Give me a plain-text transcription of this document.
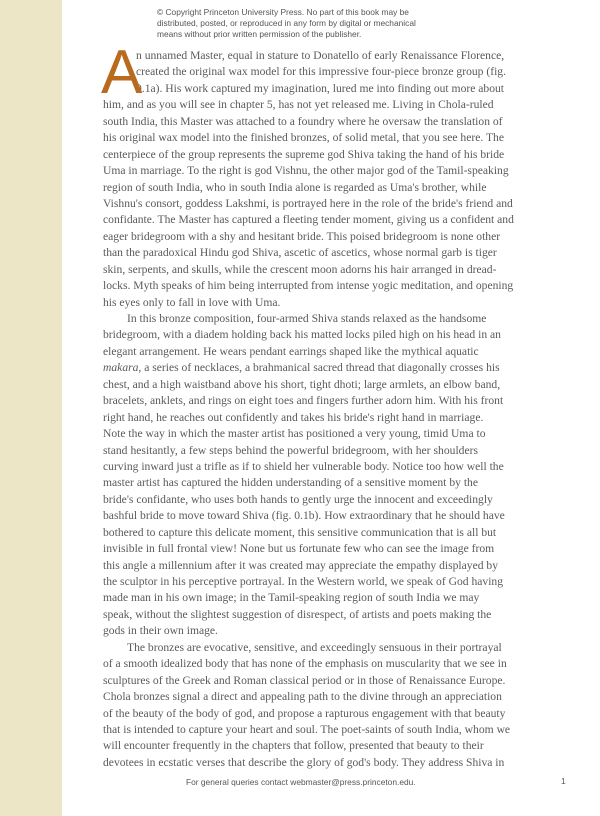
© Copyright Princeton University Press. No part of this book may be
distributed, posted, or reproduced in any form by digital or mechanical
means without prior written permission of the publisher.
A
n unnamed Master, equal in stature to Donatello of early Renaissance Florence,
created the original wax model for this impressive four-piece bronze group (fig.
0.1a). His work captured my imagination, lured me into finding out more about
him, and as you will see in chapter 5, has not yet released me. Living in Chola-ruled
south India, this Master was attached to a foundry where he oversaw the translation of
his original wax model into the finished bronzes, of solid metal, that you see here. The
centerpiece of the group represents the supreme god Shiva taking the hand of his bride
Uma in marriage. To the right is god Vishnu, the other major god of the Tamil-speaking
region of south India, who in south India alone is regarded as Uma's brother, while
Vishnu's consort, goddess Lakshmi, is portrayed here in the role of the bride's friend and
confidante. The Master has captured a fleeting tender moment, giving us a confident and
eager bridegroom with a shy and hesitant bride. This poised bridegroom is none other
than the paradoxical Hindu god Shiva, ascetic of ascetics, whose normal garb is tiger
skin, serpents, and skulls, while the crescent moon adorns his hair arranged in dread-
locks. Myth speaks of him being interrupted from intense yogic meditation, and opening
his eyes only to fall in love with Uma.
In this bronze composition, four-armed Shiva stands relaxed as the handsome
bridegroom, with a diadem holding back his matted locks piled high on his head in an
elegant arrangement. He wears pendant earrings shaped like the mythical aquatic
makara, a series of necklaces, a brahmanical sacred thread that diagonally crosses his
chest, and a high waistband above his short, tight dhoti; large armlets, an elbow band,
bracelets, anklets, and rings on eight toes and fingers further adorn him. With his front
right hand, he reaches out confidently and takes his bride's right hand in marriage.
Note the way in which the master artist has positioned a very young, timid Uma to
stand hesitantly, a few steps behind the powerful bridegroom, with her shoulders
curving inward just a trifle as if to shield her vulnerable body. Notice too how well the
master artist has captured the hidden understanding of a sensitive moment by the
bride's confidante, who uses both hands to gently urge the innocent and exceedingly
bashful bride to move toward Shiva (fig. 0.1b). How extraordinary that he should have
bothered to capture this delicate moment, this sensitive communication that is all but
invisible in full frontal view! None but us fortunate few who can see the image from
this angle a millennium after it was created may appreciate the empathy displayed by
the sculptor in his perceptive portrayal. In the Western world, we speak of God having
made man in his own image; in the Tamil-speaking region of south India we may
speak, without the slightest suggestion of disrespect, of artists and poets making the
gods in their own image.
The bronzes are evocative, sensitive, and exceedingly sensuous in their portrayal
of a smooth idealized body that has none of the emphasis on muscularity that we see in
sculptures of the Greek and Roman classical period or in those of Renaissance Europe.
Chola bronzes signal a direct and appealing path to the divine through an appreciation
of the beauty of the body of god, and propose a rapturous engagement with that beauty
that is intended to capture your heart and soul. The poet-saints of south India, whom we
will encounter frequently in the chapters that follow, presented that beauty to their
devotees in ecstatic verses that describe the glory of god's body. They address Shiva in
For general queries contact webmaster@press.princeton.edu.	1
